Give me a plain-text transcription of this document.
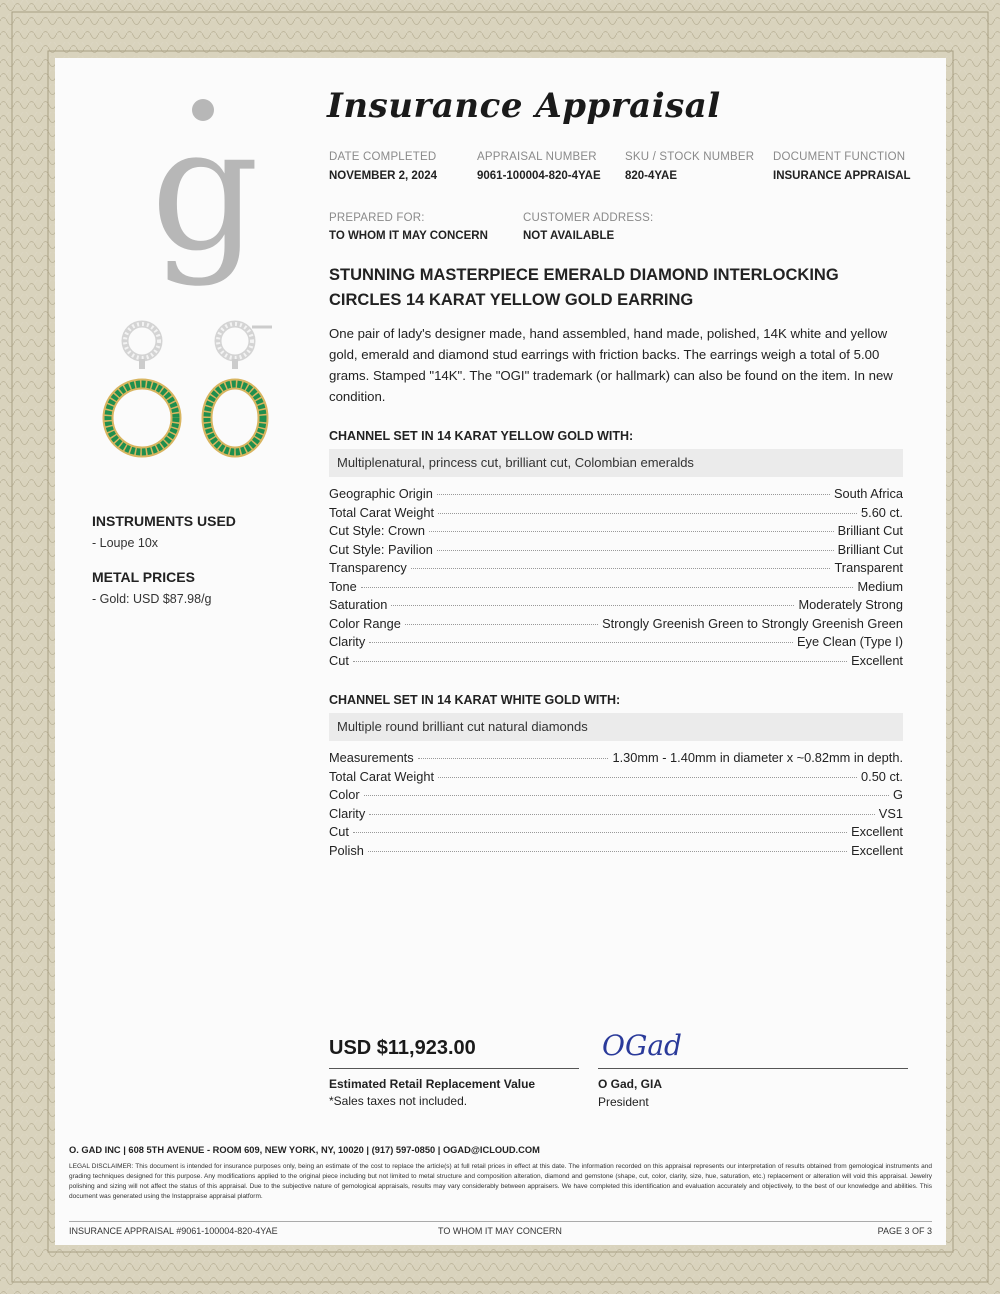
g
INSTRUMENTS USED
- Loupe 10x
METAL PRICES
- Gold: USD $87.98/g
Insurance Appraisal
DATE COMPLETED
NOVEMBER 2, 2024
APPRAISAL NUMBER
9061-100004-820-4YAE
SKU / STOCK NUMBER
820-4YAE
DOCUMENT FUNCTION
INSURANCE APPRAISAL
PREPARED FOR:
TO WHOM IT MAY CONCERN
CUSTOMER ADDRESS:
NOT AVAILABLE
STUNNING MASTERPIECE EMERALD DIAMOND INTERLOCKING CIRCLES 14 KARAT YELLOW GOLD EARRING
One pair of lady's designer made, hand assembled, hand made, polished, 14K white and yellow gold, emerald and diamond stud earrings with friction backs. The earrings weigh a total of 5.00 grams. Stamped "14K". The "OGI" trademark (or hallmark) can also be found on the item. In new condition.
CHANNEL SET IN 14 KARAT YELLOW GOLD WITH:
Multiplenatural, princess cut, brilliant cut, Colombian emeralds
Geographic Origin	South Africa
Total Carat Weight	5.60 ct.
Cut Style: Crown	Brilliant Cut
Cut Style: Pavilion	Brilliant Cut
Transparency	Transparent
Tone	Medium
Saturation	Moderately Strong
Color Range	Strongly Greenish Green to Strongly Greenish Green
Clarity	Eye Clean (Type I)
Cut	Excellent
CHANNEL SET IN 14 KARAT WHITE GOLD WITH:
Multiple round brilliant cut natural diamonds
Measurements	1.30mm - 1.40mm in diameter x ~0.82mm in depth.
Total Carat Weight	0.50 ct.
Color	G
Clarity	VS1
Cut	Excellent
Polish	Excellent
USD $11,923.00
Estimated Retail Replacement Value
*Sales taxes not included.
OGad
O Gad, GIA
President
O. GAD INC | 608 5TH AVENUE - ROOM 609, NEW YORK, NY, 10020 | (917) 597-0850 | OGAD@ICLOUD.COM
LEGAL DISCLAIMER: This document is intended for insurance purposes only, being an estimate of the cost to replace the article(s) at full retail prices in effect at this date. The information recorded on this appraisal represents our interpretation of results obtained from gemological instruments and grading techniques designed for this purpose. Any modifications applied to the original piece including but not limited to metal structure and composition alteration, diamond and gemstone (shape, cut, color, clarity, size, hue, saturation, etc.) replacement or alteration will void this appraisal. Jewelry polishing and sizing will not affect the status of this appraisal. Due to the subjective nature of gemological appraisals, results may vary considerably between appraisers. We have completed this identification and evaluation accurately and objectively, to the best of our knowledge and abilities. This document was generated using the Instappraise appraisal platform.
INSURANCE APPRAISAL #9061-100004-820-4YAE	TO WHOM IT MAY CONCERN	PAGE 3 OF 3
